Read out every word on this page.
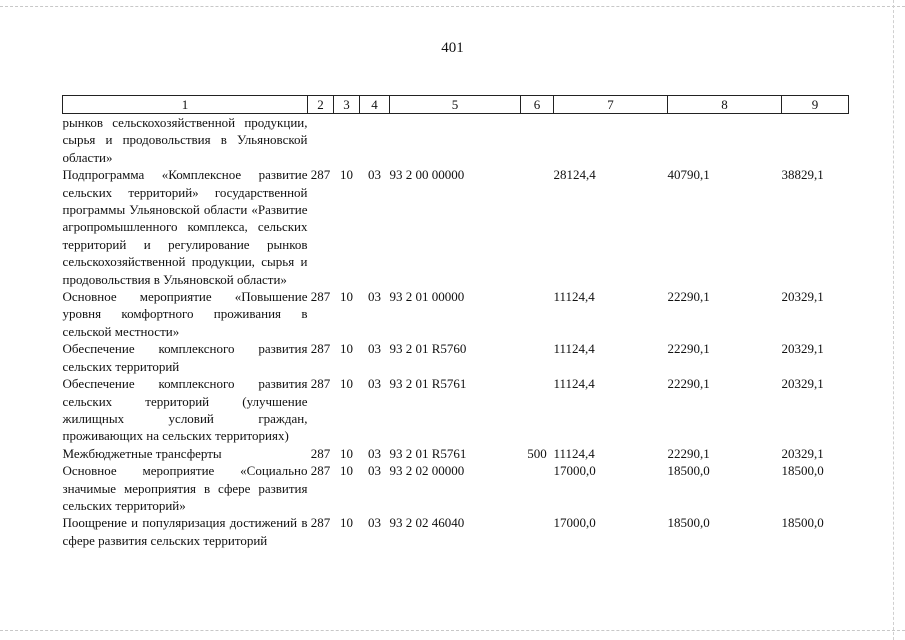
401
1	2	3	4	5	6	7	8	9
рынков сельскохозяйственной продукции, сырья и продовольствия в Ульяновской области»								
Подпрограмма «Комплексное развитие сельских территорий» государственной программы Ульяновской области «Развитие агропромышленного комплекса, сельских территорий и регулирование рынков сельскохозяйственной продукции, сырья и продовольствия в Ульяновской области»	287	10	03	93 2 00 00000		28124,4	40790,1	38829,1
Основное мероприятие «Повышение уровня комфортного проживания в сельской местности»	287	10	03	93 2 01 00000		11124,4	22290,1	20329,1
Обеспечение комплексного развития сельских территорий	287	10	03	93 2 01 R5760		11124,4	22290,1	20329,1
Обеспечение комплексного развития сельских территорий (улучшение жилищных условий граждан, проживающих на сельских территориях)	287	10	03	93 2 01 R5761		11124,4	22290,1	20329,1
Межбюджетные трансферты	287	10	03	93 2 01 R5761	500	11124,4	22290,1	20329,1
Основное мероприятие «Социально значимые мероприятия в сфере развития сельских территорий»	287	10	03	93 2 02 00000		17000,0	18500,0	18500,0
Поощрение и популяризация достижений в сфере развития сельских территорий	287	10	03	93 2 02 46040		17000,0	18500,0	18500,0
